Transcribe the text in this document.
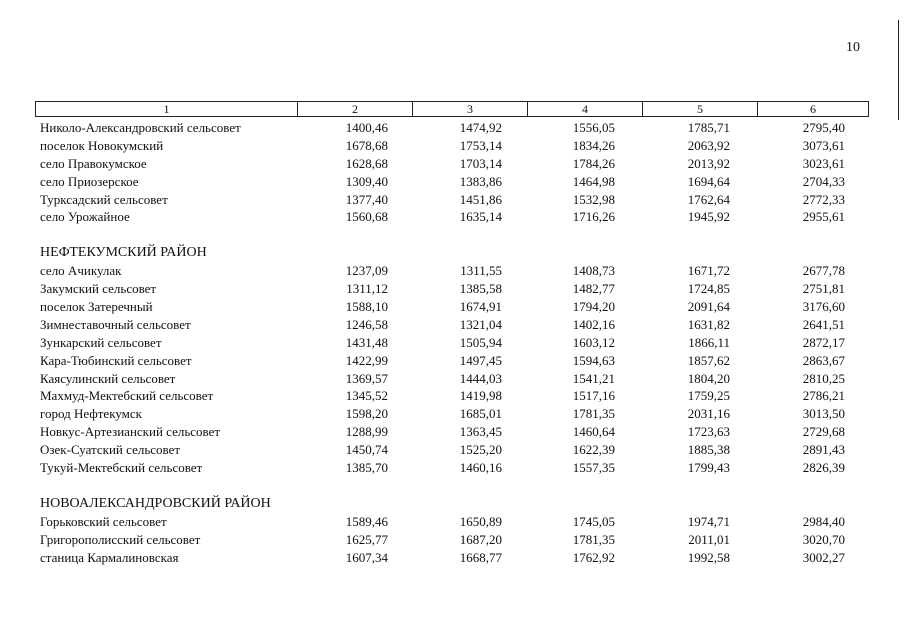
10
1	2	3	4	5	6
Николо-Александровский сельсовет	1400,46	1474,92	1556,05	1785,71	2795,40
поселок Новокумский	1678,68	1753,14	1834,26	2063,92	3073,61
село Правокумское	1628,68	1703,14	1784,26	2013,92	3023,61
село Приозерское	1309,40	1383,86	1464,98	1694,64	2704,33
Турксадский сельсовет	1377,40	1451,86	1532,98	1762,64	2772,33
село Урожайное	1560,68	1635,14	1716,26	1945,92	2955,61
НЕФТЕКУМСКИЙ РАЙОН
село Ачикулак	1237,09	1311,55	1408,73	1671,72	2677,78
Закумский сельсовет	1311,12	1385,58	1482,77	1724,85	2751,81
поселок Затеречный	1588,10	1674,91	1794,20	2091,64	3176,60
Зимнеставочный сельсовет	1246,58	1321,04	1402,16	1631,82	2641,51
Зункарский сельсовет	1431,48	1505,94	1603,12	1866,11	2872,17
Кара-Тюбинский сельсовет	1422,99	1497,45	1594,63	1857,62	2863,67
Каясулинский сельсовет	1369,57	1444,03	1541,21	1804,20	2810,25
Махмуд-Мектебский сельсовет	1345,52	1419,98	1517,16	1759,25	2786,21
город Нефтекумск	1598,20	1685,01	1781,35	2031,16	3013,50
Новкус-Артезианский сельсовет	1288,99	1363,45	1460,64	1723,63	2729,68
Озек-Суатский сельсовет	1450,74	1525,20	1622,39	1885,38	2891,43
Тукуй-Мектебский сельсовет	1385,70	1460,16	1557,35	1799,43	2826,39
НОВОАЛЕКСАНДРОВСКИЙ РАЙОН
Горьковский сельсовет	1589,46	1650,89	1745,05	1974,71	2984,40
Григорополисский сельсовет	1625,77	1687,20	1781,35	2011,01	3020,70
станица Кармалиновская	1607,34	1668,77	1762,92	1992,58	3002,27
